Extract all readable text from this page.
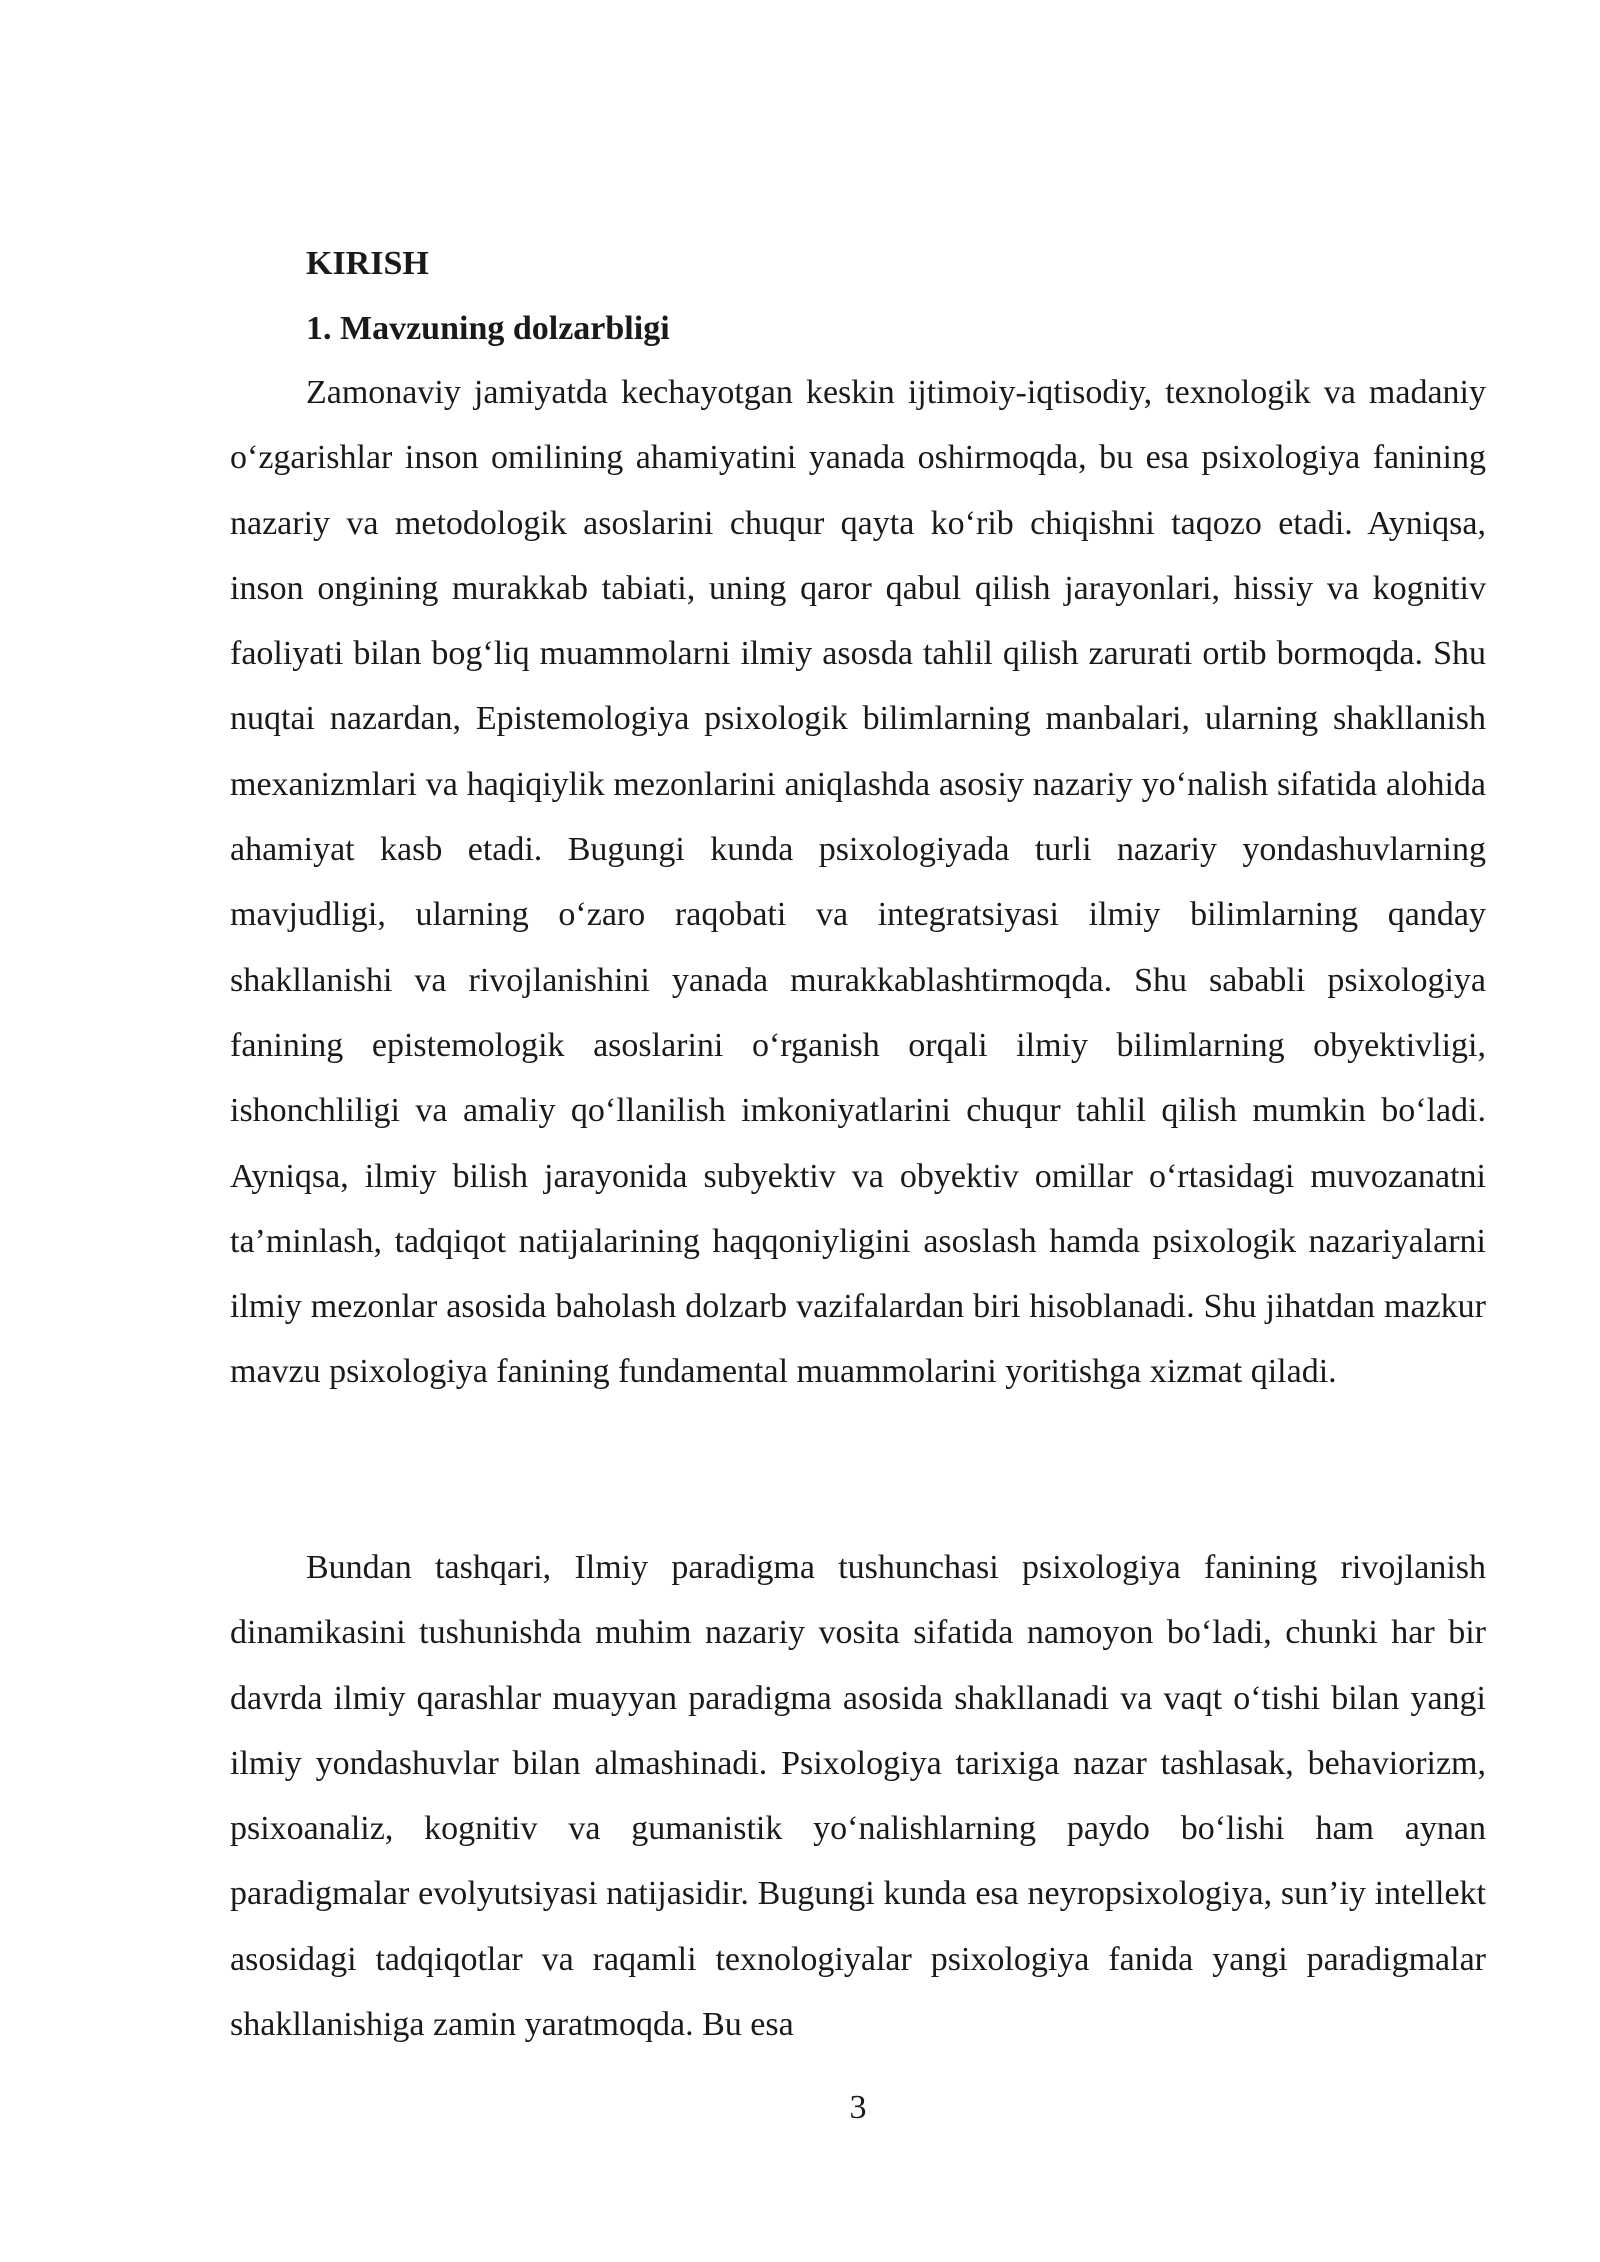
KIRISH
1. Mavzuning dolzarbligi

Zamonaviy jamiyatda kechayotgan keskin ijtimoiy-iqtisodiy, texnologik va madaniy o‘zgarishlar inson omilining ahamiyatini yanada oshirmoqda, bu esa psixologiya fanining nazariy va metodologik asoslarini chuqur qayta ko‘rib chiqishni taqozo etadi. Ayniqsa, inson ongining murakkab tabiati, uning qaror qabul qilish jarayonlari, hissiy va kognitiv faoliyati bilan bog‘liq muammolarni ilmiy asosda tahlil qilish zarurati ortib bormoqda. Shu nuqtai nazardan, Epistemologiya psixologik bilimlarning manbalari, ularning shakllanish mexanizmlari va haqiqiylik mezonlarini aniqlashda asosiy nazariy yo‘nalish sifatida alohida ahamiyat kasb etadi. Bugungi kunda psixologiyada turli nazariy yondashuvlarning mavjudligi, ularning o‘zaro raqobati va integratsiyasi ilmiy bilimlarning qanday shakllanishi va rivojlanishini yanada murakkablashtirmoqda. Shu sababli psixologiya fanining epistemologik asoslarini o‘rganish orqali ilmiy bilimlarning obyektivligi, ishonchliligi va amaliy qo‘llanilish imkoniyatlarini chuqur tahlil qilish mumkin bo‘ladi. Ayniqsa, ilmiy bilish jarayonida subyektiv va obyektiv omillar o‘rtasidagi muvozanatni ta’minlash, tadqiqot natijalarining haqqoniyligini asoslash hamda psixologik nazariyalarni ilmiy mezonlar asosida baholash dolzarb vazifalardan biri hisoblanadi. Shu jihatdan mazkur mavzu psixologiya fanining fundamental muammolarini yoritishga xizmat qiladi.

Bundan tashqari, Ilmiy paradigma tushunchasi psixologiya fanining rivojlanish dinamikasini tushunishda muhim nazariy vosita sifatida namoyon bo‘ladi, chunki har bir davrda ilmiy qarashlar muayyan paradigma asosida shakllanadi va vaqt o‘tishi bilan yangi ilmiy yondashuvlar bilan almashinadi. Psixologiya tarixiga nazar tashlasak, behaviorizm, psixoanaliz, kognitiv va gumanistik yo‘nalishlarning paydo bo‘lishi ham aynan paradigmalar evolyutsiyasi natijasidir. Bugungi kunda esa neyropsixologiya, sun’iy intellekt asosidagi tadqiqotlar va raqamli texnologiyalar psixologiya fanida yangi paradigmalar shakllanishiga zamin yaratmoqda. Bu esa

3
